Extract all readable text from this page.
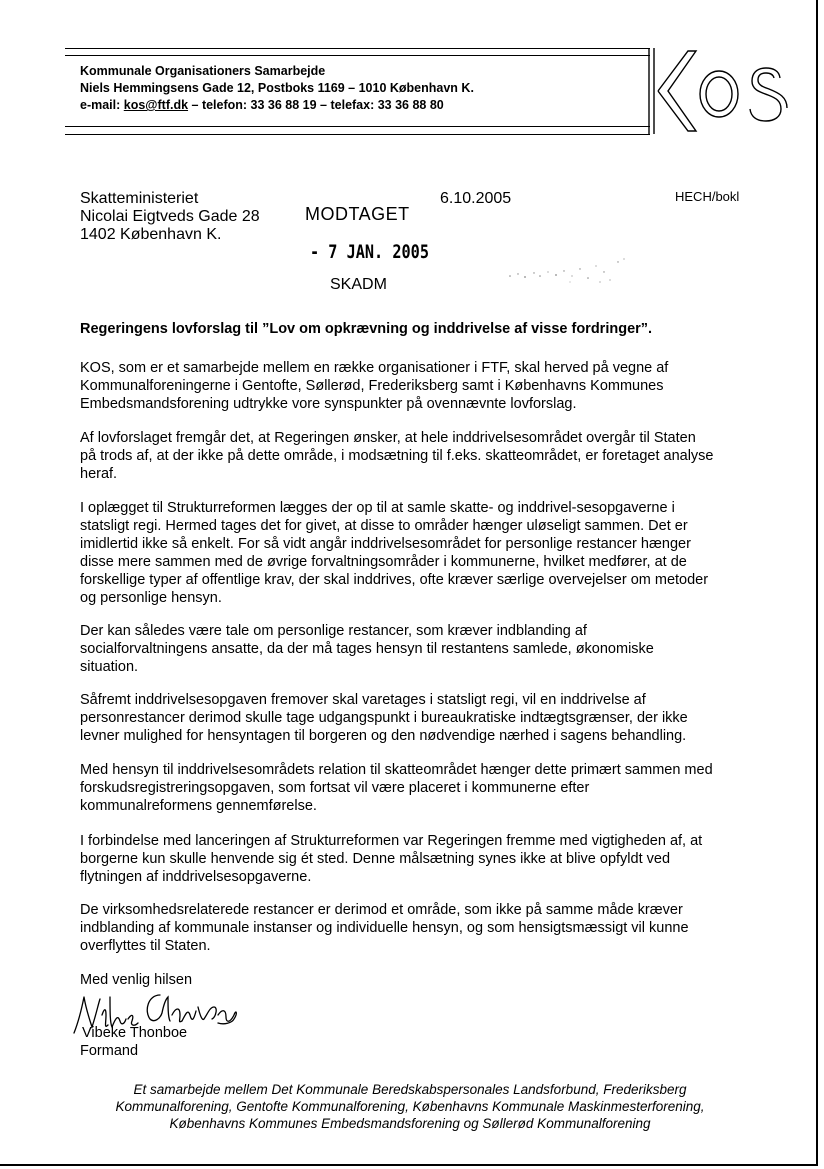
Kommunale Organisationers Samarbejde
Niels Hemmingsens Gade 12, Postboks 1169 – 1010 København K.
e-mail: kos@ftf.dk – telefon: 33 36 88 19 – telefax: 33 36 88 80	KOS
Skatteministeriet
Nicolai Eigtveds Gade 28
1402 København K.
6.10.2005	HECH/bokl
MODTAGET
- 7 JAN. 2005
SKADM
Regeringens lovforslag til ”Lov om opkrævning og inddrivelse af visse fordringer”.
KOS, som er et samarbejde mellem en række organisationer i FTF, skal herved på vegne af
Kommunalforeningerne i Gentofte, Søllerød, Frederiksberg samt i Københavns Kommunes
Embedsmandsforening udtrykke vore synspunkter på ovennævnte lovforslag.
Af lovforslaget fremgår det, at Regeringen ønsker, at hele inddrivelsesområdet overgår til Staten
på trods af, at der ikke på dette område, i modsætning til f.eks. skatteområdet, er foretaget analyse
heraf.
I oplægget til Strukturreformen lægges der op til at samle skatte- og inddrivel-sesopgaverne i
statsligt regi. Hermed tages det for givet, at disse to områder hænger uløseligt sammen. Det er
imidlertid ikke så enkelt. For så vidt angår inddrivelsesområdet for personlige restancer hænger
disse mere sammen med de øvrige forvaltningsområder i kommunerne, hvilket medfører, at de
forskellige typer af offentlige krav, der skal inddrives, ofte kræver særlige overvejelser om metoder
og personlige hensyn.
Der kan således være tale om personlige restancer, som kræver indblanding af
socialforvaltningens ansatte, da der må tages hensyn til restantens samlede, økonomiske
situation.
Såfremt inddrivelsesopgaven fremover skal varetages i statsligt regi, vil en inddrivelse af
personrestancer derimod skulle tage udgangspunkt i bureaukratiske indtægtsgrænser, der ikke
levner mulighed for hensyntagen til borgeren og den nødvendige nærhed i sagens behandling.
Med hensyn til inddrivelsesområdets relation til skatteområdet hænger dette primært sammen med
forskudsregistreringsopgaven, som fortsat vil være placeret i kommunerne efter
kommunalreformens gennemførelse.
I forbindelse med lanceringen af Strukturreformen var Regeringen fremme med vigtigheden af, at
borgerne kun skulle henvende sig ét sted. Denne målsætning synes ikke at blive opfyldt ved
flytningen af inddrivelsesopgaverne.
De virksomhedsrelaterede restancer er derimod et område, som ikke på samme måde kræver
indblanding af kommunale instanser og individuelle hensyn, og som hensigtsmæssigt vil kunne
overflyttes til Staten.
Med venlig hilsen
Vibeke Thonboe
Formand
Et samarbejde mellem Det Kommunale Beredskabspersonales Landsforbund, Frederiksberg
Kommunalforening, Gentofte Kommunalforening, Københavns Kommunale Maskinmesterforening,
Københavns Kommunes Embedsmandsforening og Søllerød Kommunalforening
